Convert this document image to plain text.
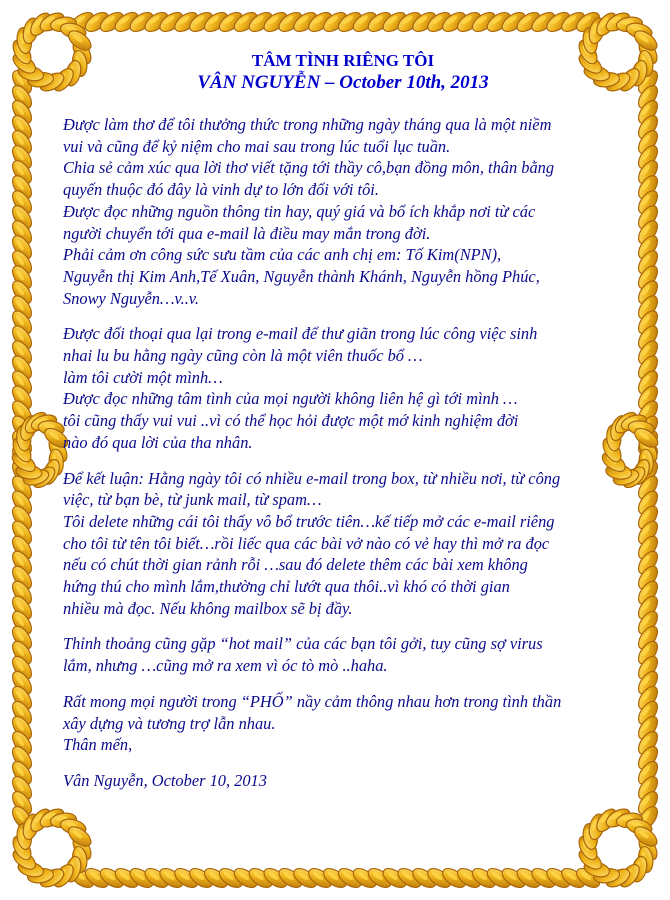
TÂM TÌNH RIÊNG TÔI
VÂN NGUYỄN – October 10th, 2013

Được làm thơ để tôi thưởng thức trong những ngày tháng qua là một niềm
vui và cũng để kỷ niệm cho mai sau trong lúc tuổi lục tuần.
Chia sẻ cảm xúc qua lời thơ viết tặng tới thầy cô,bạn đồng môn, thân bằng
quyến thuộc đó đây là vinh dự to lớn đối với tôi.
Được đọc những nguồn thông tin hay, quý giá và bổ ích khắp nơi từ các
người chuyển tới qua e-mail là điều may mắn trong đời.
Phải cảm ơn công sức sưu tầm của các anh chị em: Tố Kim(NPN),
Nguyễn thị Kim Anh,Tế Xuân, Nguyễn thành Khánh, Nguyễn hồng Phúc,
Snowy Nguyễn…v..v.

Được đối thoại qua lại trong e-mail để thư giãn trong lúc công việc sinh
nhai lu bu hằng ngày cũng còn là một viên thuốc bổ …
làm tôi cười một mình…
Được đọc những tâm tình của mọi người không liên hệ gì tới mình …
tôi cũng thấy vui vui ..vì có thể học hỏi được một mớ kinh nghiệm đời
nào đó qua lời của tha nhân.

Để kết luận: Hằng ngày tôi có nhiều e-mail trong box, từ nhiều nơi, từ công
việc, từ bạn bè, từ junk mail, từ spam…
Tôi delete những cái tôi thấy vô bổ trước tiên…kế tiếp mở các e-mail riêng
cho tôi từ tên tôi biết…rồi liếc qua các bài vở nào có vẻ hay thì mở ra đọc
nếu có chút thời gian rảnh rỗi …sau đó delete thêm các bài xem không
hứng thú cho mình lắm,thường chỉ lướt qua thôi..vì khó có thời gian
nhiều mà đọc. Nếu không mailbox sẽ bị đầy.

Thỉnh thoảng cũng gặp “hot mail” của các bạn tôi gởi, tuy cũng sợ virus
lắm, nhưng …cũng mở ra xem vì óc tò mò ..haha.

Rất mong mọi người trong “PHỐ” nầy cảm thông nhau hơn trong tình thần
xây dựng và tương trợ lẫn nhau.
Thân mến,

Vân Nguyễn, October 10, 2013
